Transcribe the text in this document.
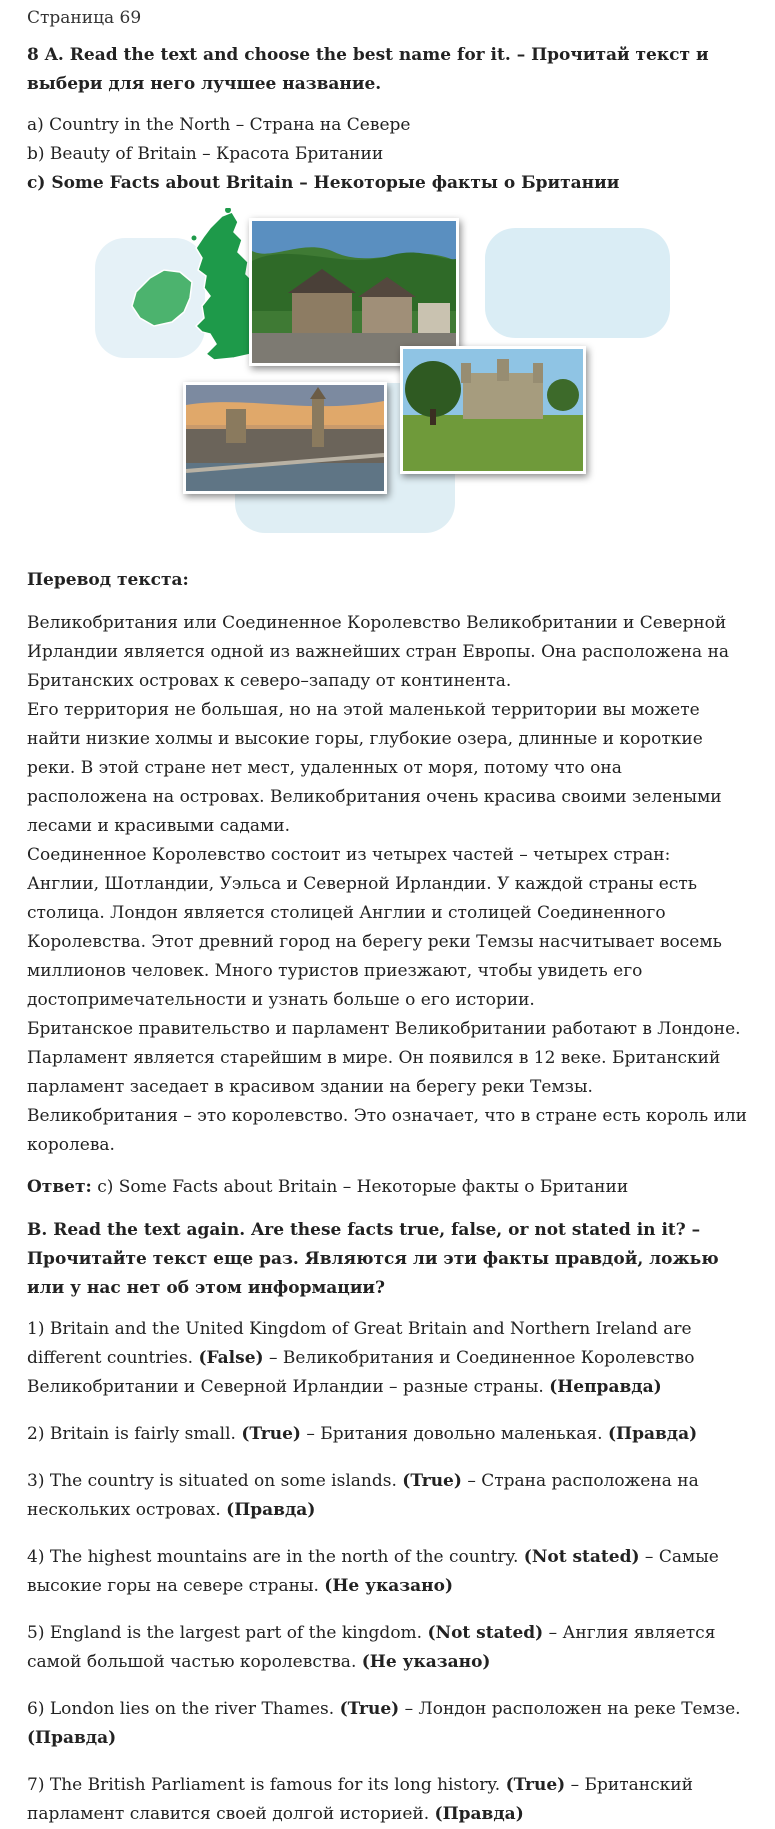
Страница 69

8 A. Read the text and choose the best name for it. – Прочитай текст и выбери для него лучшее название.

a) Country in the North – Страна на Севере

b) Beauty of Britain – Красота Британии

c) Some Facts about Britain – Некоторые факты о Британии

Перевод текста:

Великобритания или Соединенное Королевство Великобритании и Северной Ирландии является одной из важнейших стран Европы. Она расположена на Британских островах к северо–западу от континента.

Его территория не большая, но на этой маленькой территории вы можете найти низкие холмы и высокие горы, глубокие озера, длинные и короткие реки. В этой стране нет мест, удаленных от моря, потому что она расположена на островах. Великобритания очень красива своими зелеными лесами и красивыми садами.

Соединенное Королевство состоит из четырех частей – четырех стран: Англии, Шотландии, Уэльса и Северной Ирландии. У каждой страны есть столица. Лондон является столицей Англии и столицей Соединенного Королевства. Этот древний город на берегу реки Темзы насчитывает восемь миллионов человек. Много туристов приезжают, чтобы увидеть его достопримечательности и узнать больше о его истории.

Британское правительство и парламент Великобритании работают в Лондоне. Парламент является старейшим в мире. Он появился в 12 веке. Британский парламент заседает в красивом здании на берегу реки Темзы. Великобритания – это королевство. Это означает, что в стране есть король или королева.

Ответ: c) Some Facts about Britain – Некоторые факты о Британии

B. Read the text again. Are these facts true, false, or not stated in it? – Прочитайте текст еще раз. Являются ли эти факты правдой, ложью или у нас нет об этом информации?

1) Britain and the United Kingdom of Great Britain and Northern Ireland are different countries. (False) – Великобритания и Соединенное Королевство Великобритании и Северной Ирландии – разные страны. (Неправда)

2) Britain is fairly small. (True) – Британия довольно маленькая. (Правда)

3) The country is situated on some islands. (True) – Страна расположена на нескольких островах. (Правда)

4) The highest mountains are in the north of the country. (Not stated) – Самые высокие горы на севере страны. (Не указано)

5) England is the largest part of the kingdom. (Not stated) – Англия является самой большой частью королевства. (Не указано)

6) London lies on the river Thames. (True) – Лондон расположен на реке Темзе. (Правда)

7) The British Parliament is famous for its long history. (True) – Британский парламент славится своей долгой историей. (Правда)
